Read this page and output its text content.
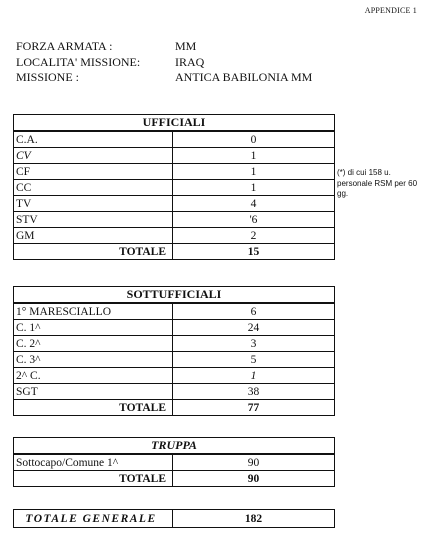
APPENDICE 1
FORZA ARMATA :	MM
LOCALITA' MISSIONE:	IRAQ
MISSIONE :	ANTICA BABILONIA MM
UFFICIALI	
C.A.	0
CV	1
CF	1
CC	1
TV	4
STV	'6
GM	2
TOTALE	15
(*) di cui 158 u. personale RSM per 60 gg.
SOTTUFFICIALI	
1° MARESCIALLO	6
C. 1^	24
C. 2^	3
C. 3^	5
2^ C.	1
SGT	38
TOTALE	77
TRUPPA	
Sottocapo/Comune 1^	90
TOTALE	90
TOTALE GENERALE	182
